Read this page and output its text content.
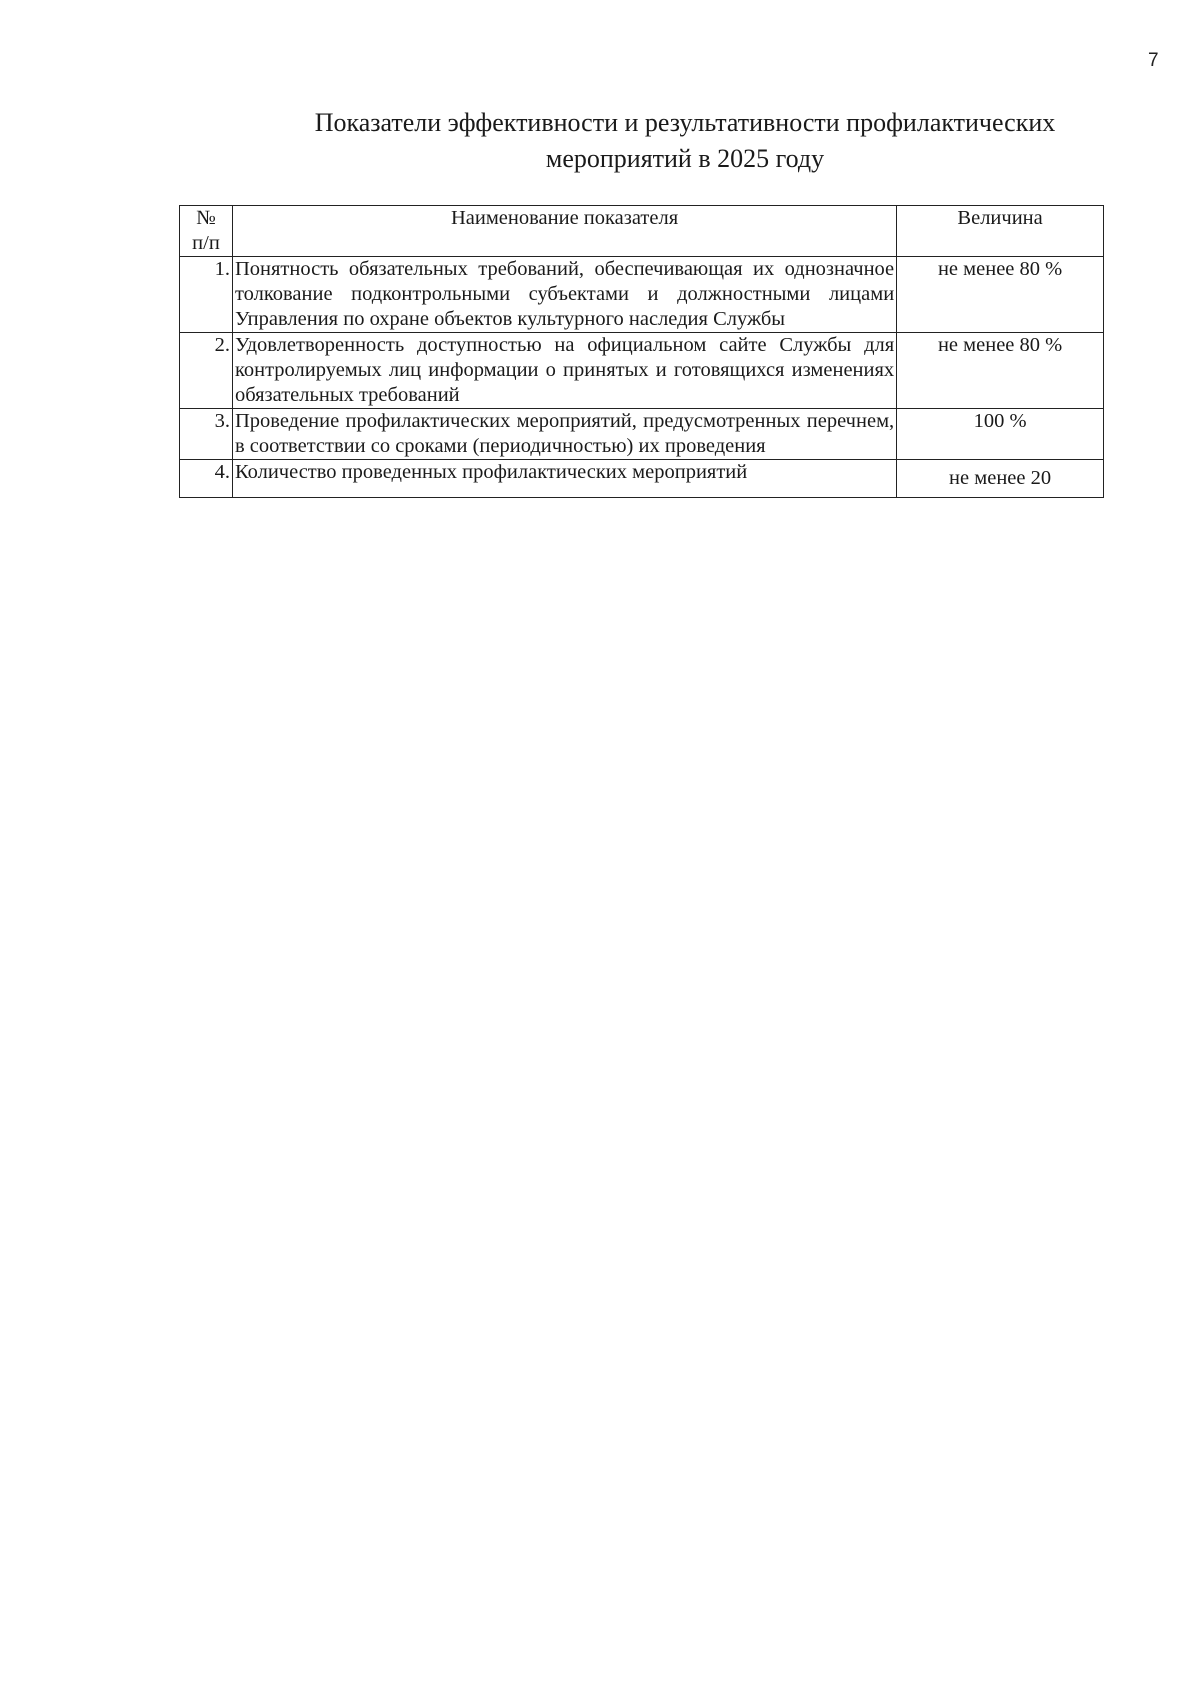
7
Показатели эффективности и результативности профилактических
мероприятий в 2025 году
№
п/п	Наименование показателя	Величина
1.	Понятность обязательных требований, обеспечивающая их однозначное толкование подконтрольными субъектами и должностными лицами Управления по охране объектов культурного наследия Службы	не менее 80 %
2.	Удовлетворенность доступностью на официальном сайте Службы для контролируемых лиц информации о принятых и готовящихся изменениях обязательных требований	не менее 80 %
3.	Проведение профилактических мероприятий, предусмотренных перечнем, в соответствии со сроками (периодичностью) их проведения	100 %
4.	Количество проведенных профилактических мероприятий	не менее 20
